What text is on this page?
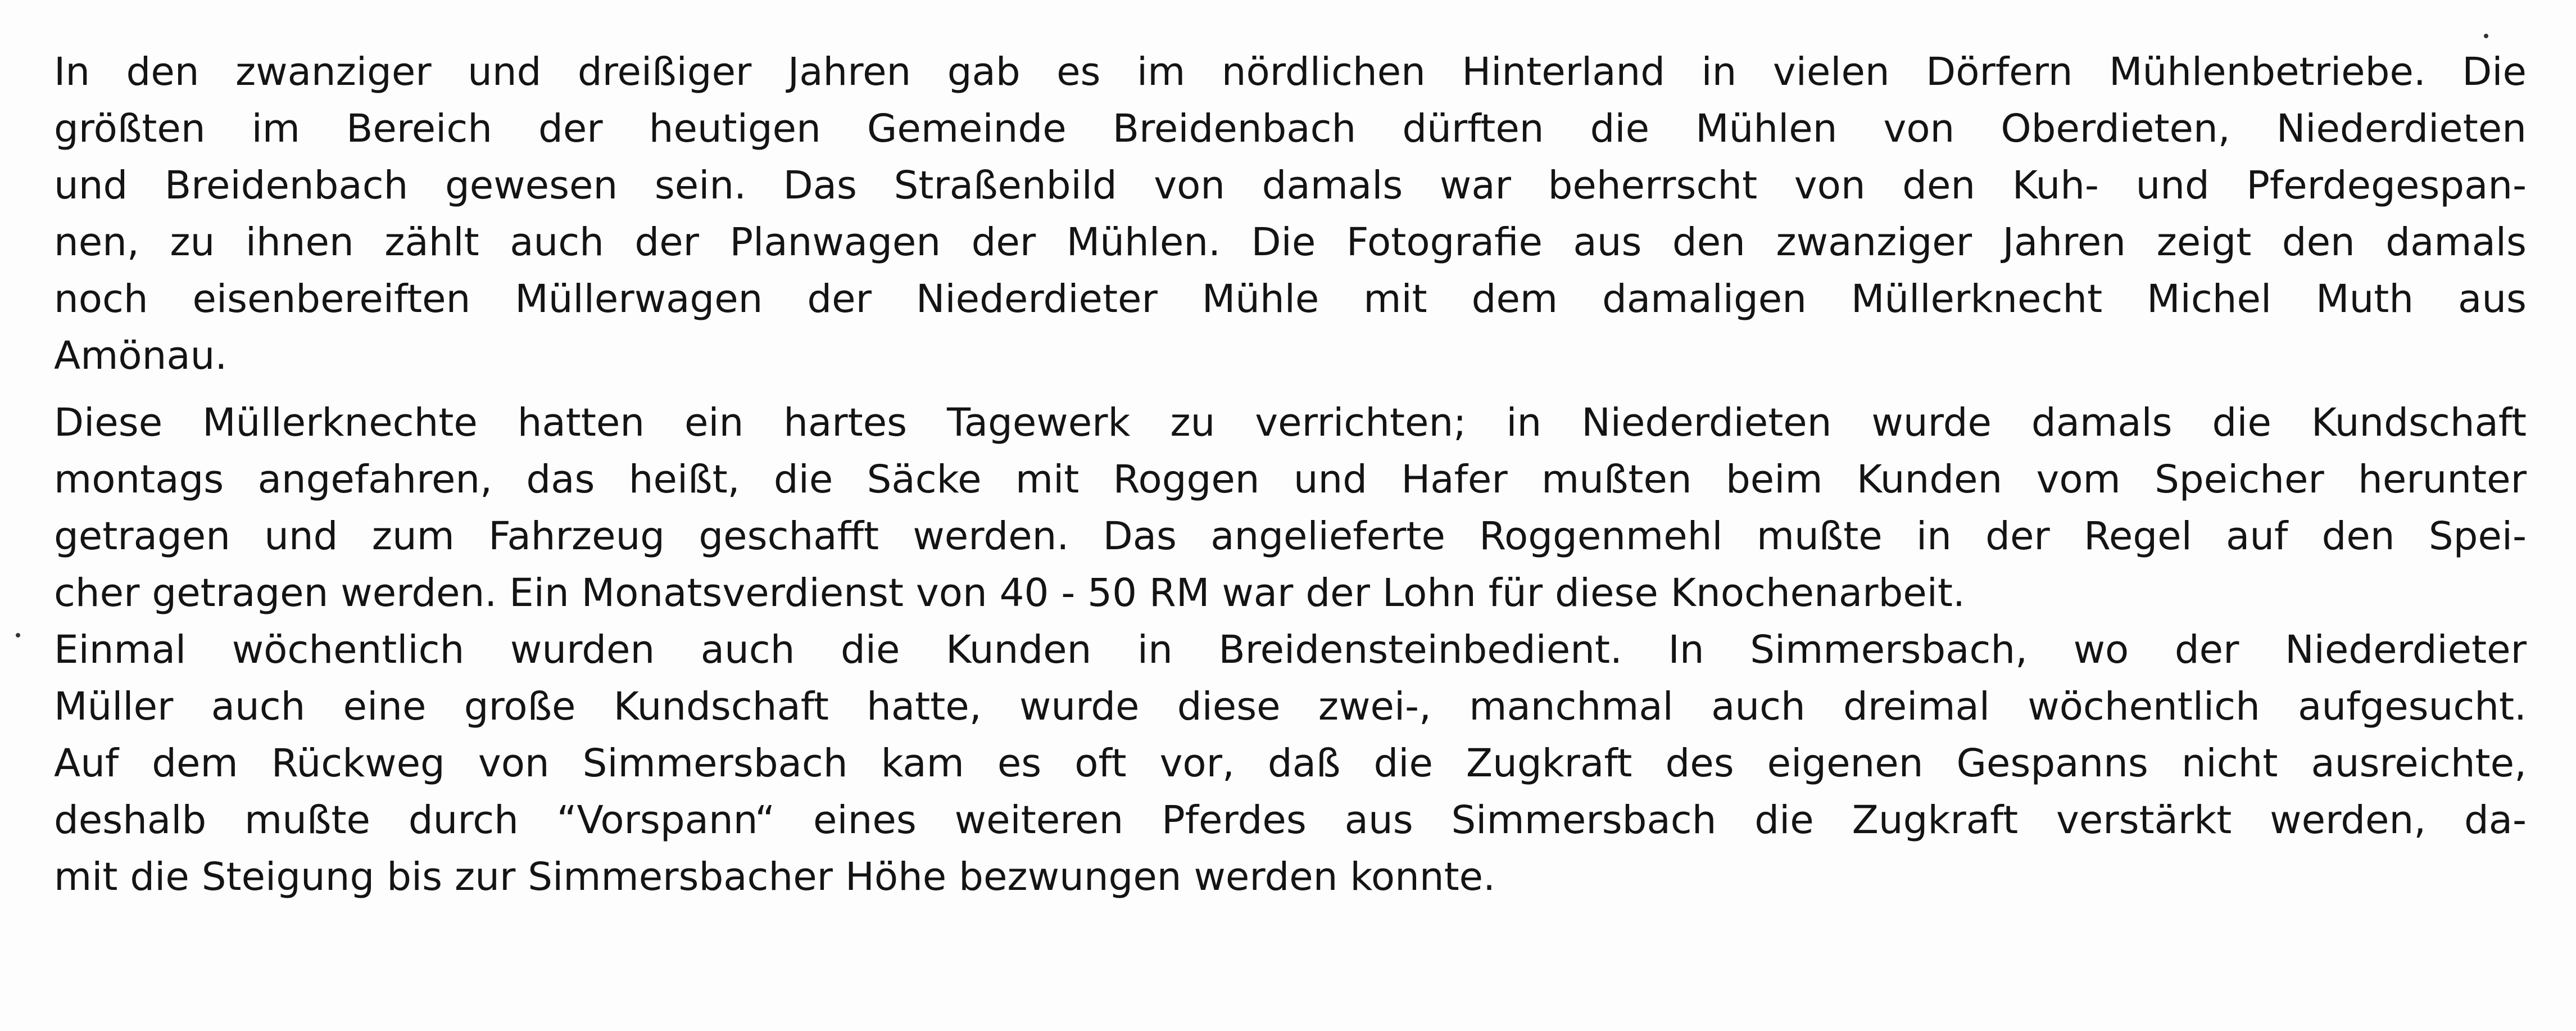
In den zwanziger und dreißiger Jahren gab es im nördlichen Hinterland in vielen Dörfern Mühlenbetriebe. Die
größten im Bereich der heutigen Gemeinde Breidenbach dürften die Mühlen von Oberdieten, Niederdieten
und Breidenbach gewesen sein. Das Straßenbild von damals war beherrscht von den Kuh- und Pferdegespan-
nen, zu ihnen zählt auch der Planwagen der Mühlen. Die Fotografie aus den zwanziger Jahren zeigt den damals
noch eisenbereiften Müllerwagen der Niederdieter Mühle mit dem damaligen Müllerknecht Michel Muth aus
Amönau.
Diese Müllerknechte hatten ein hartes Tagewerk zu verrichten; in Niederdieten wurde damals die Kundschaft
montags angefahren, das heißt, die Säcke mit Roggen und Hafer mußten beim Kunden vom Speicher herunter
getragen und zum Fahrzeug geschafft werden. Das angelieferte Roggenmehl mußte in der Regel auf den Spei-
cher getragen werden. Ein Monatsverdienst von 40 - 50 RM war der Lohn für diese Knochenarbeit.
Einmal wöchentlich wurden auch die Kunden in Breidensteinbedient. In Simmersbach, wo der Niederdieter
Müller auch eine große Kundschaft hatte, wurde diese zwei-, manchmal auch dreimal wöchentlich aufgesucht.
Auf dem Rückweg von Simmersbach kam es oft vor, daß die Zugkraft des eigenen Gespanns nicht ausreichte,
deshalb mußte durch “Vorspann“ eines weiteren Pferdes aus Simmersbach die Zugkraft verstärkt werden, da-
mit die Steigung bis zur Simmersbacher Höhe bezwungen werden konnte.
